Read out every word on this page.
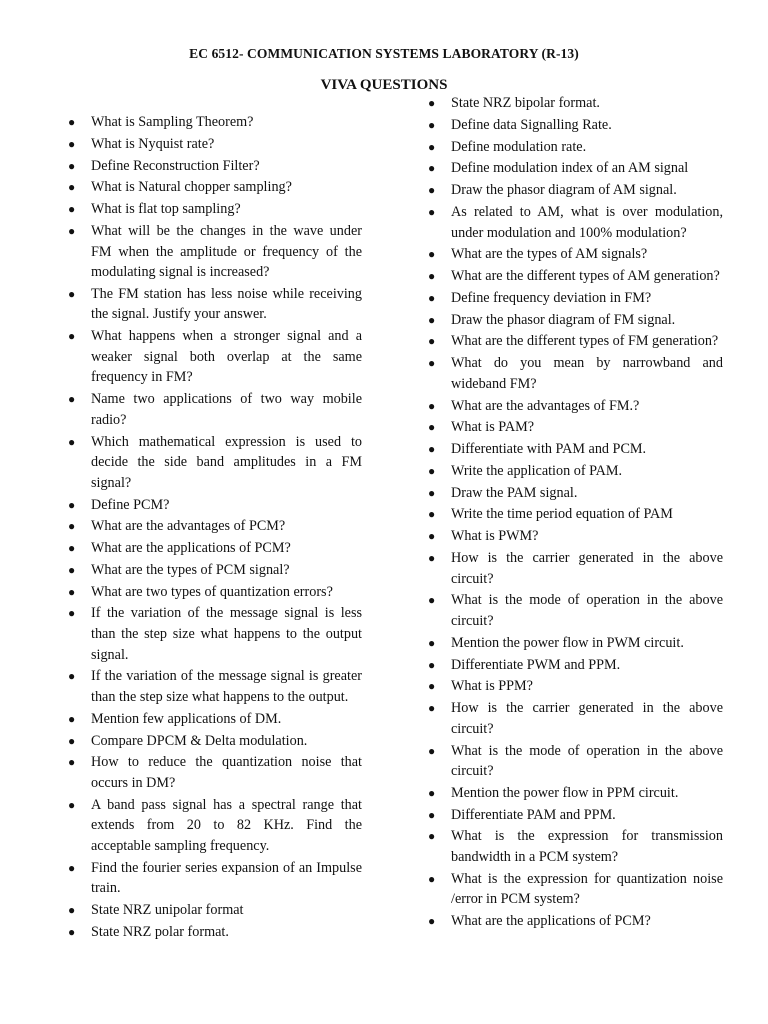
EC 6512- COMMUNICATION SYSTEMS LABORATORY (R-13)
VIVA QUESTIONS
● What is Sampling Theorem?
● What is Nyquist rate?
● Define Reconstruction Filter?
● What is Natural chopper sampling?
● What is flat top sampling?
● What will be the changes in the wave under FM when the amplitude or frequency of the modulating signal is increased?
● The FM station has less noise while receiving the signal. Justify your answer.
● What happens when a stronger signal and a weaker signal both overlap at the same frequency in FM?
● Name two applications of two way mobile radio?
● Which mathematical expression is used to decide the side band amplitudes in a FM signal?
● Define PCM?
● What are the advantages of PCM?
● What are the applications of PCM?
● What are the types of PCM signal?
● What are two types of quantization errors?
● If the variation of the message signal is less than the step size what happens to the output signal.
● If the variation of the message signal is greater than the step size what happens to the output.
● Mention few applications of DM.
● Compare DPCM & Delta modulation.
● How to reduce the quantization noise that occurs in DM?
● A band pass signal has a spectral range that extends from 20 to 82 KHz. Find the acceptable sampling frequency.
● Find the fourier series expansion of an Impulse train.
● State NRZ unipolar format
● State NRZ polar format.
● State NRZ bipolar format.
● Define data Signalling Rate.
● Define modulation rate.
● Define modulation index of an AM signal
● Draw the phasor diagram of AM signal.
● As related to AM, what is over modulation, under modulation and 100% modulation?
● What are the types of AM signals?
● What are the different types of AM generation?
● Define frequency deviation in FM?
● Draw the phasor diagram of FM signal.
● What are the different types of FM generation?
● What do you mean by narrowband and wideband FM?
● What are the advantages of FM.?
● What is PAM?
● Differentiate with PAM and PCM.
● Write the application of PAM.
● Draw the PAM signal.
● Write the time period equation of PAM
● What is PWM?
● How is the carrier generated in the above circuit?
● What is the mode of operation in the above circuit?
● Mention the power flow in PWM circuit.
● Differentiate PWM and PPM.
● What is PPM?
● How is the carrier generated in the above circuit?
● What is the mode of operation in the above circuit?
● Mention the power flow in PPM circuit.
● Differentiate PAM and PPM.
● What is the expression for transmission bandwidth in a PCM system?
● What is the expression for quantization noise /error in PCM system?
● What are the applications of PCM?
